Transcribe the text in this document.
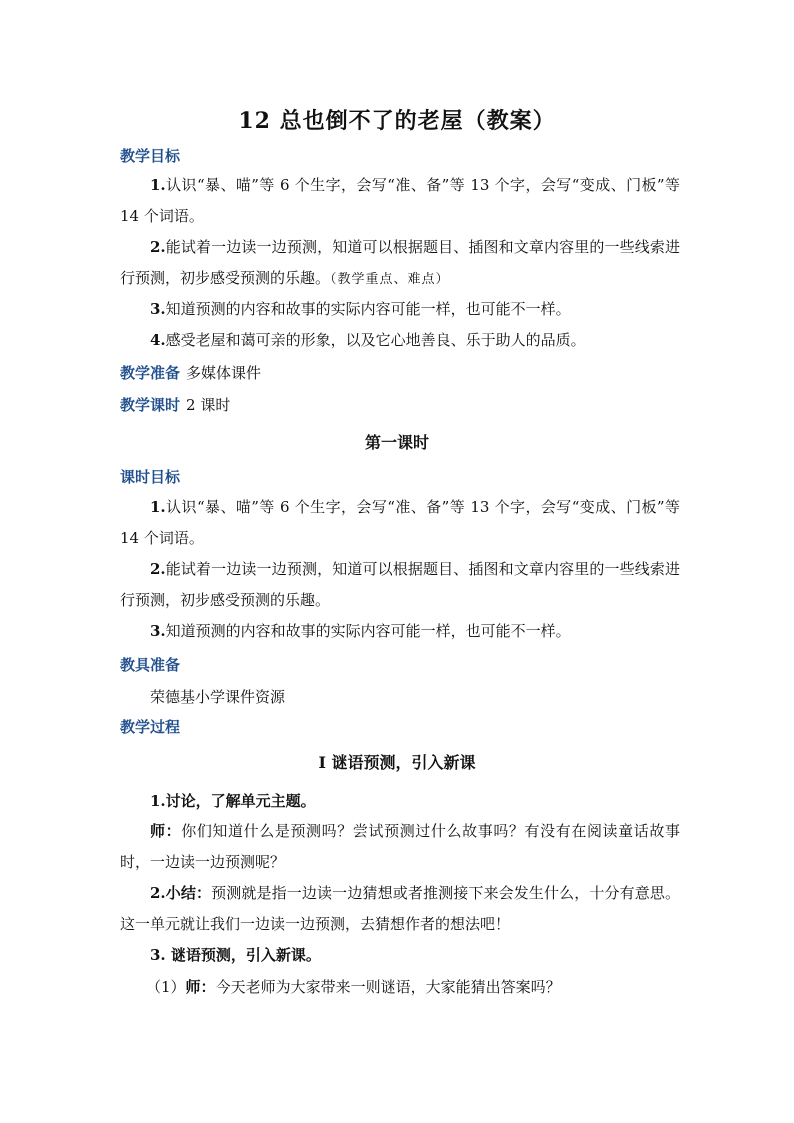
12 总也倒不了的老屋（教案）
教学目标
1.认识“暴、喵”等 6 个生字，会写“准、备”等 13 个字，会写“变成、门板”等 14 个词语。
2.能试着一边读一边预测，知道可以根据题目、插图和文章内容里的一些线索进行预测，初步感受预测的乐趣。（教学重点、难点）
3.知道预测的内容和故事的实际内容可能一样，也可能不一样。
4.感受老屋和蔼可亲的形象，以及它心地善良、乐于助人的品质。
教学准备 多媒体课件
教学课时 2 课时
第一课时
课时目标
1.认识“暴、喵”等 6 个生字，会写“准、备”等 13 个字，会写“变成、门板”等 14 个词语。
2.能试着一边读一边预测，知道可以根据题目、插图和文章内容里的一些线索进行预测，初步感受预测的乐趣。
3.知道预测的内容和故事的实际内容可能一样，也可能不一样。
教具准备
荣德基小学课件资源
教学过程
Ⅰ 谜语预测，引入新课
1.讨论，了解单元主题。
师：你们知道什么是预测吗？尝试预测过什么故事吗？有没有在阅读童话故事时，一边读一边预测呢？
2.小结：预测就是指一边读一边猜想或者推测接下来会发生什么，十分有意思。这一单元就让我们一边读一边预测，去猜想作者的想法吧！
3. 谜语预测，引入新课。
（1）师：今天老师为大家带来一则谜语，大家能猜出答案吗？
